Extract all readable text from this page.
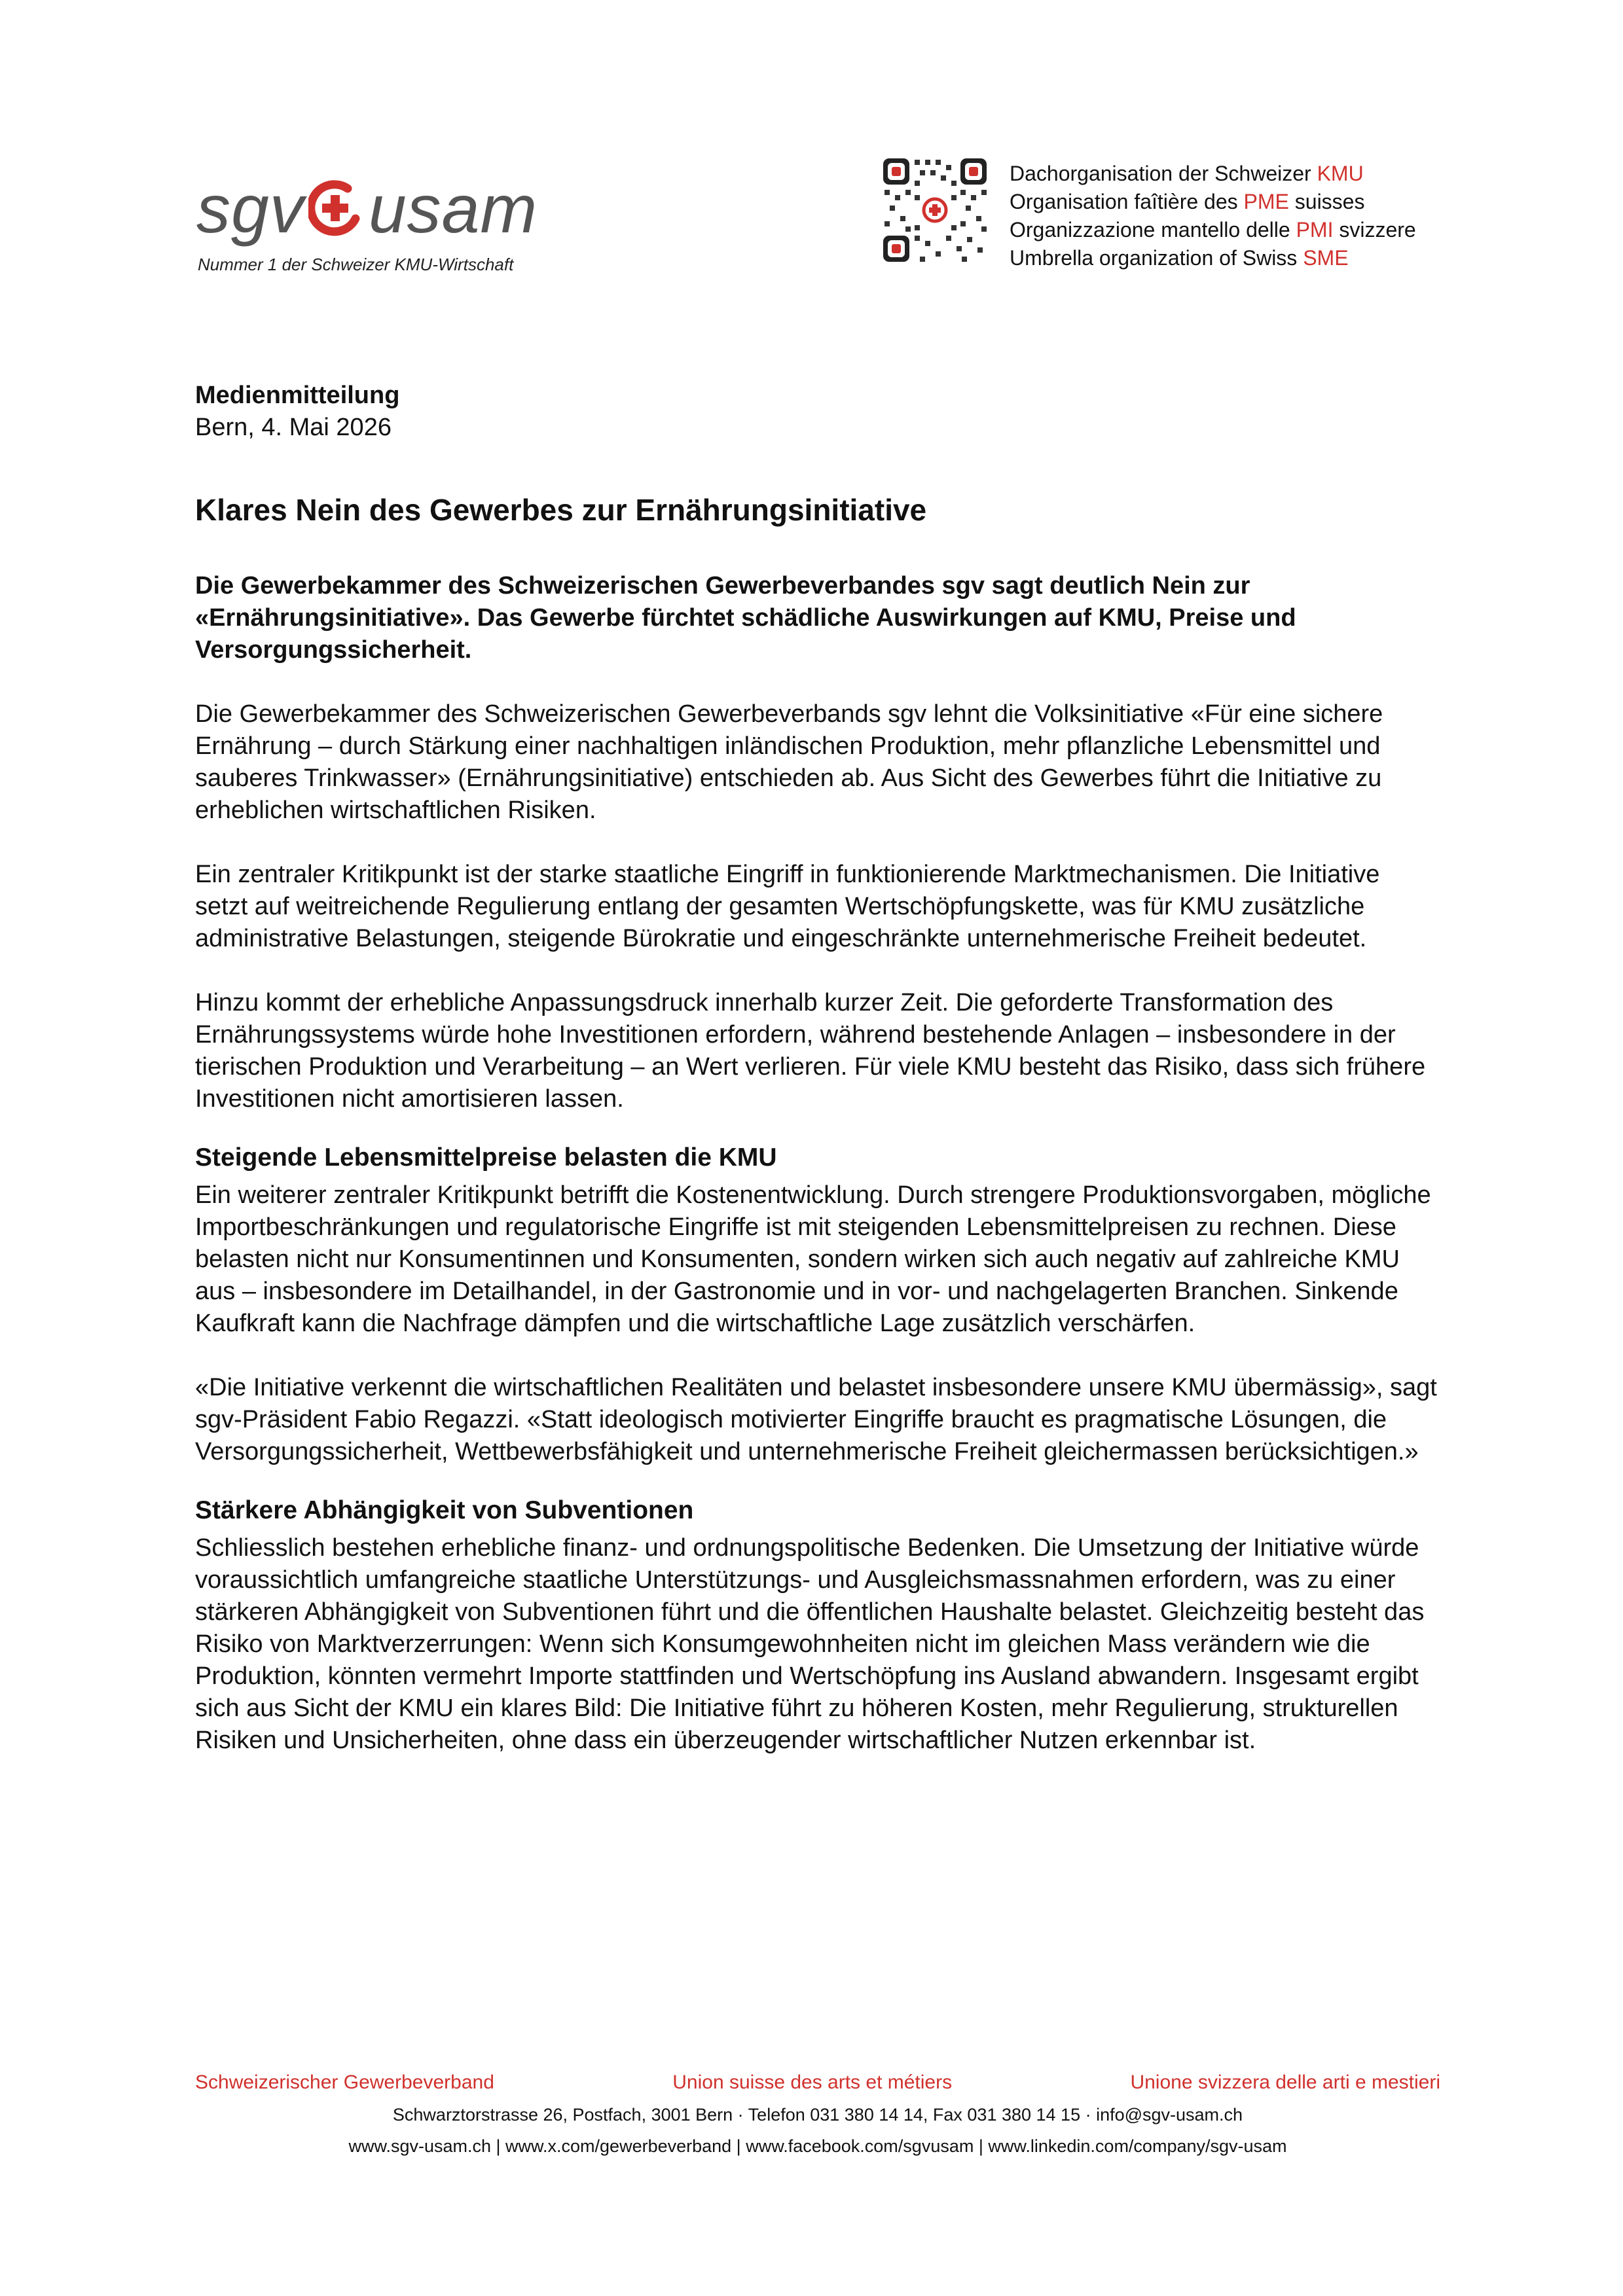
sgv usam
Nummer 1 der Schweizer KMU-Wirtschaft
Dachorganisation der Schweizer KMU
Organisation faîtière des PME suisses
Organizzazione mantello delle PMI svizzere
Umbrella organization of Swiss SME

Medienmitteilung

Bern, 4. Mai 2026

Klares Nein des Gewerbes zur Ernährungsinitiative

Die Gewerbekammer des Schweizerischen Gewerbeverbandes sgv sagt deutlich Nein zur «Ernährungsinitiative». Das Gewerbe fürchtet schädliche Auswirkungen auf KMU, Preise und Versorgungssicherheit.

Die Gewerbekammer des Schweizerischen Gewerbeverbands sgv lehnt die Volksinitiative «Für eine sichere Ernährung – durch Stärkung einer nachhaltigen inländischen Produktion, mehr pflanzliche Lebensmittel und sauberes Trinkwasser» (Ernährungsinitiative) entschieden ab. Aus Sicht des Gewerbes führt die Initiative zu erheblichen wirtschaftlichen Risiken.

Ein zentraler Kritikpunkt ist der starke staatliche Eingriff in funktionierende Marktmechanismen. Die Initiative setzt auf weitreichende Regulierung entlang der gesamten Wertschöpfungskette, was für KMU zusätzliche administrative Belastungen, steigende Bürokratie und eingeschränkte unternehmerische Freiheit bedeutet.

Hinzu kommt der erhebliche Anpassungsdruck innerhalb kurzer Zeit. Die geforderte Transformation des Ernährungssystems würde hohe Investitionen erfordern, während bestehende Anlagen – insbesondere in der tierischen Produktion und Verarbeitung – an Wert verlieren. Für viele KMU besteht das Risiko, dass sich frühere Investitionen nicht amortisieren lassen.

Steigende Lebensmittelpreise belasten die KMU

Ein weiterer zentraler Kritikpunkt betrifft die Kostenentwicklung. Durch strengere Produktionsvorgaben, mögliche Importbeschränkungen und regulatorische Eingriffe ist mit steigenden Lebensmittelpreisen zu rechnen. Diese belasten nicht nur Konsumentinnen und Konsumenten, sondern wirken sich auch negativ auf zahlreiche KMU aus – insbesondere im Detailhandel, in der Gastronomie und in vor- und nachgelagerten Branchen. Sinkende Kaufkraft kann die Nachfrage dämpfen und die wirtschaftliche Lage zusätzlich verschärfen.

«Die Initiative verkennt die wirtschaftlichen Realitäten und belastet insbesondere unsere KMU übermässig», sagt sgv-Präsident Fabio Regazzi. «Statt ideologisch motivierter Eingriffe braucht es pragmatische Lösungen, die Versorgungssicherheit, Wettbewerbsfähigkeit und unternehmerische Freiheit gleichermassen berücksichtigen.»

Stärkere Abhängigkeit von Subventionen

Schliesslich bestehen erhebliche finanz- und ordnungspolitische Bedenken. Die Umsetzung der Initiative würde voraussichtlich umfangreiche staatliche Unterstützungs- und Ausgleichsmassnahmen erfordern, was zu einer stärkeren Abhängigkeit von Subventionen führt und die öffentlichen Haushalte belastet. Gleichzeitig besteht das Risiko von Marktverzerrungen: Wenn sich Konsumgewohnheiten nicht im gleichen Mass verändern wie die Produktion, könnten vermehrt Importe stattfinden und Wertschöpfung ins Ausland abwandern. Insgesamt ergibt sich aus Sicht der KMU ein klares Bild: Die Initiative führt zu höheren Kosten, mehr Regulierung, strukturellen Risiken und Unsicherheiten, ohne dass ein überzeugender wirtschaftlicher Nutzen erkennbar ist.

Schweizerischer Gewerbeverband	Union suisse des arts et métiers	Unione svizzera delle arti e mestieri
Schwarztorstrasse 26, Postfach, 3001 Bern · Telefon 031 380 14 14, Fax 031 380 14 15 · info@sgv-usam.ch
www.sgv-usam.ch | www.x.com/gewerbeverband | www.facebook.com/sgvusam | www.linkedin.com/company/sgv-usam
